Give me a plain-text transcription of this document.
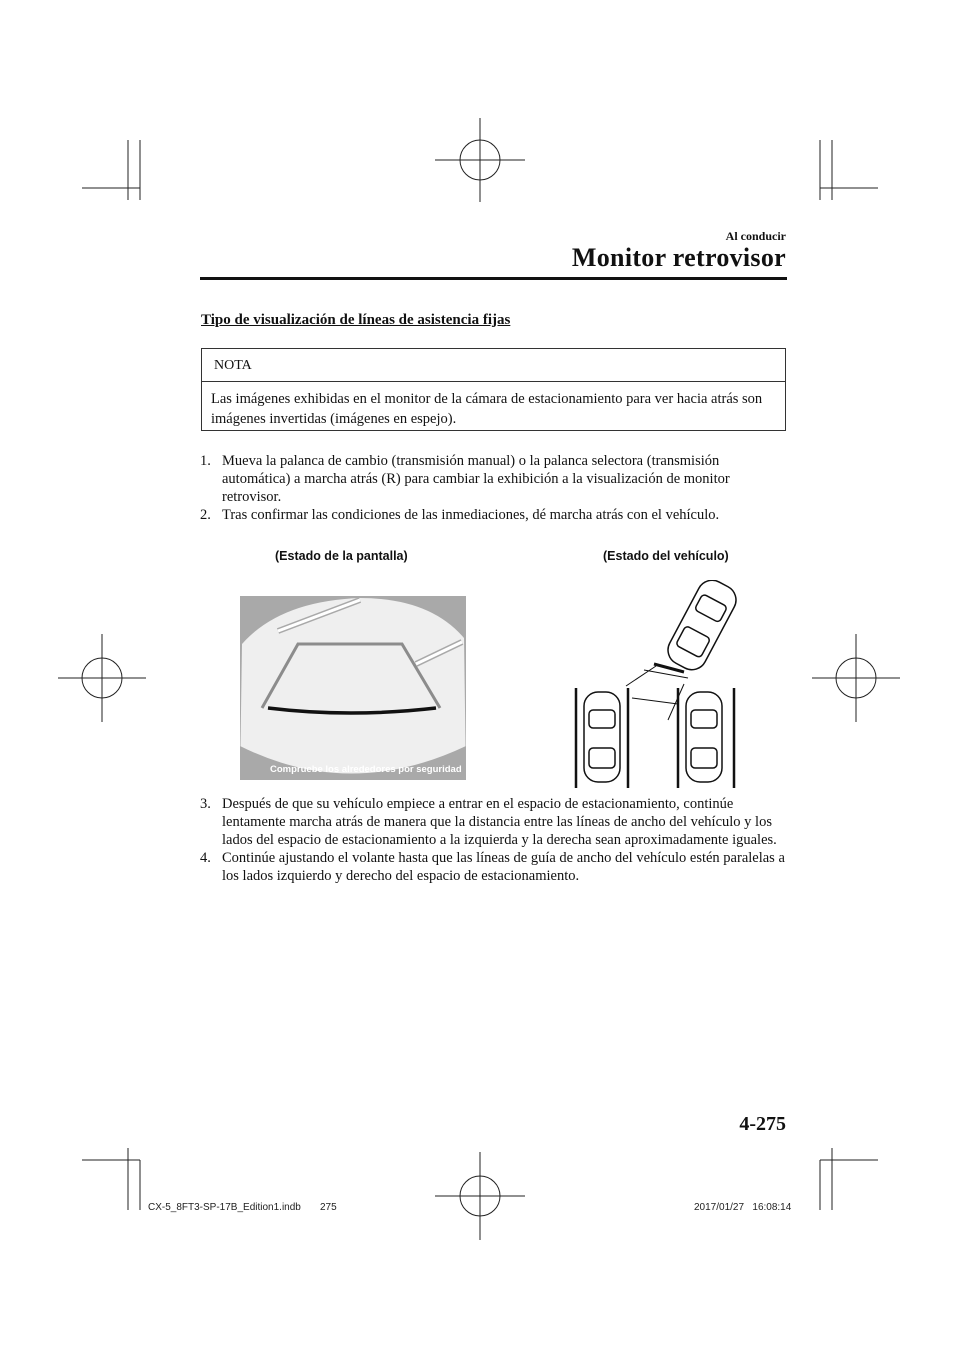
Al conducir
Monitor retrovisor
Tipo de visualización de líneas de asistencia fijas
NOTA
Las imágenes exhibidas en el monitor de la cámara de estacionamiento para ver hacia atrás son imágenes invertidas (imágenes en espejo).
1. Mueva la palanca de cambio (transmisión manual) o la palanca selectora (transmisión automática) a marcha atrás (R) para cambiar la exhibición a la visualización de monitor retrovisor.
2. Tras confirmar las condiciones de las inmediaciones, dé marcha atrás con el vehículo.
(Estado de la pantalla)	(Estado del vehículo)
Compruebe los alrededores por seguridad
3. Después de que su vehículo empiece a entrar en el espacio de estacionamiento, continúe lentamente marcha atrás de manera que la distancia entre las líneas de ancho del vehículo y los lados del espacio de estacionamiento a la izquierda y la derecha sean aproximadamente iguales.
4. Continúe ajustando el volante hasta que las líneas de guía de ancho del vehículo estén paralelas a los lados izquierdo y derecho del espacio de estacionamiento.
4-275
CX-5_8FT3-SP-17B_Edition1.indb 275	2017/01/27   16:08:14
